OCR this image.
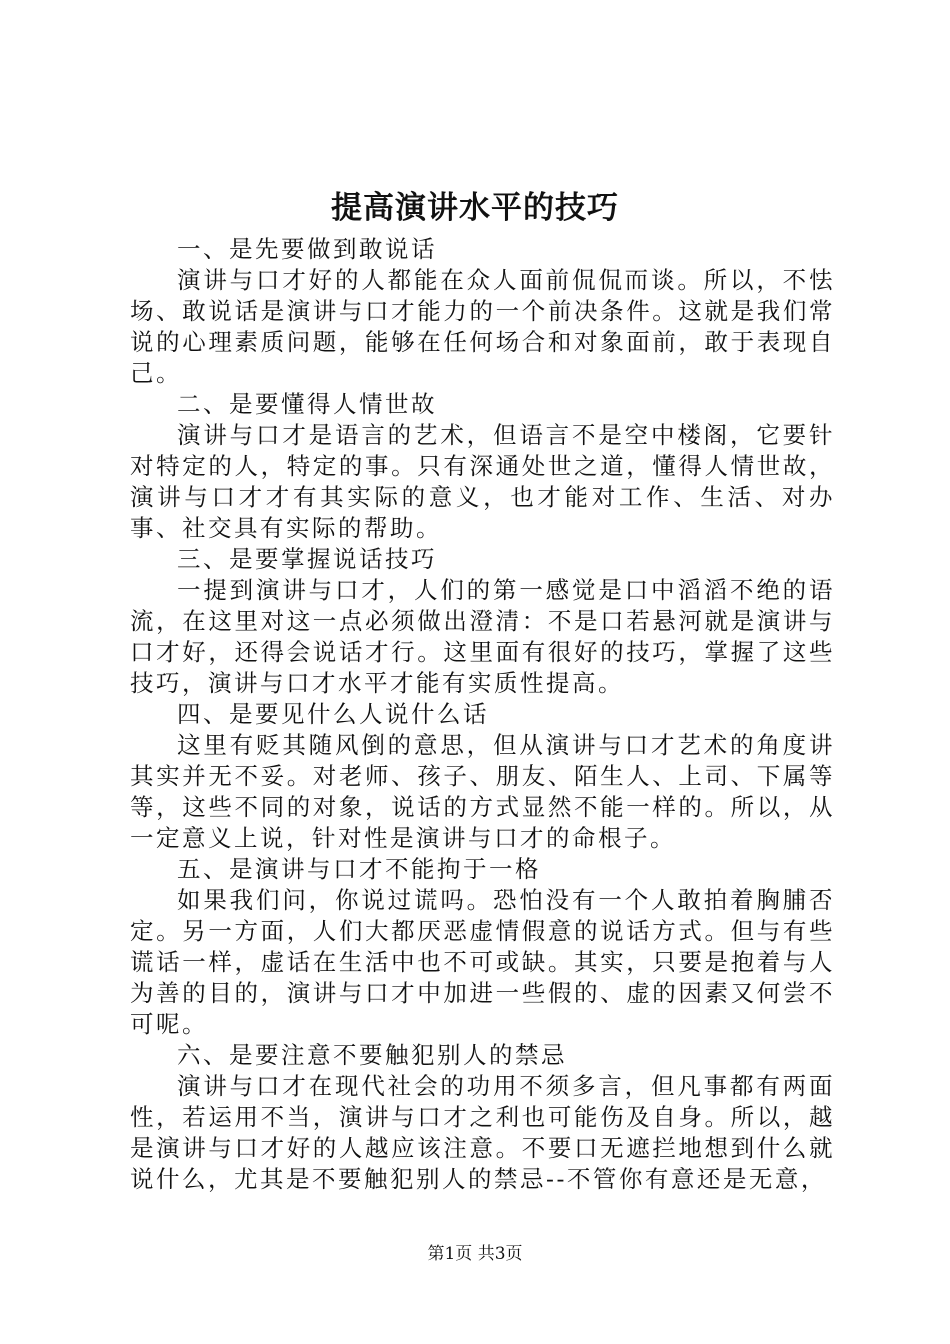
提高演讲水平的技巧

一、是先要做到敢说话

演讲与口才好的人都能在众人面前侃侃而谈。所以，不怯场、敢说话是演讲与口才能力的一个前决条件。这就是我们常说的心理素质问题，能够在任何场合和对象面前，敢于表现自己。

二、是要懂得人情世故

演讲与口才是语言的艺术，但语言不是空中楼阁，它要针对特定的人，特定的事。只有深通处世之道，懂得人情世故，演讲与口才才有其实际的意义，也才能对工作、生活、对办事、社交具有实际的帮助。

三、是要掌握说话技巧

一提到演讲与口才，人们的第一感觉是口中滔滔不绝的语流，在这里对这一点必须做出澄清：不是口若悬河就是演讲与口才好，还得会说话才行。这里面有很好的技巧，掌握了这些技巧，演讲与口才水平才能有实质性提高。

四、是要见什么人说什么话

这里有贬其随风倒的意思，但从演讲与口才艺术的角度讲其实并无不妥。对老师、孩子、朋友、陌生人、上司、下属等等，这些不同的对象，说话的方式显然不能一样的。所以，从一定意义上说，针对性是演讲与口才的命根子。

五、是演讲与口才不能拘于一格

如果我们问，你说过谎吗。恐怕没有一个人敢拍着胸脯否定。另一方面，人们大都厌恶虚情假意的说话方式。但与有些谎话一样，虚话在生活中也不可或缺。其实，只要是抱着与人为善的目的，演讲与口才中加进一些假的、虚的因素又何尝不可呢。

六、是要注意不要触犯别人的禁忌

演讲与口才在现代社会的功用不须多言，但凡事都有两面性，若运用不当，演讲与口才之利也可能伤及自身。所以，越是演讲与口才好的人越应该注意。不要口无遮拦地想到什么就说什么，尤其是不要触犯别人的禁忌--不管你有意还是无意，

第1页 共3页
